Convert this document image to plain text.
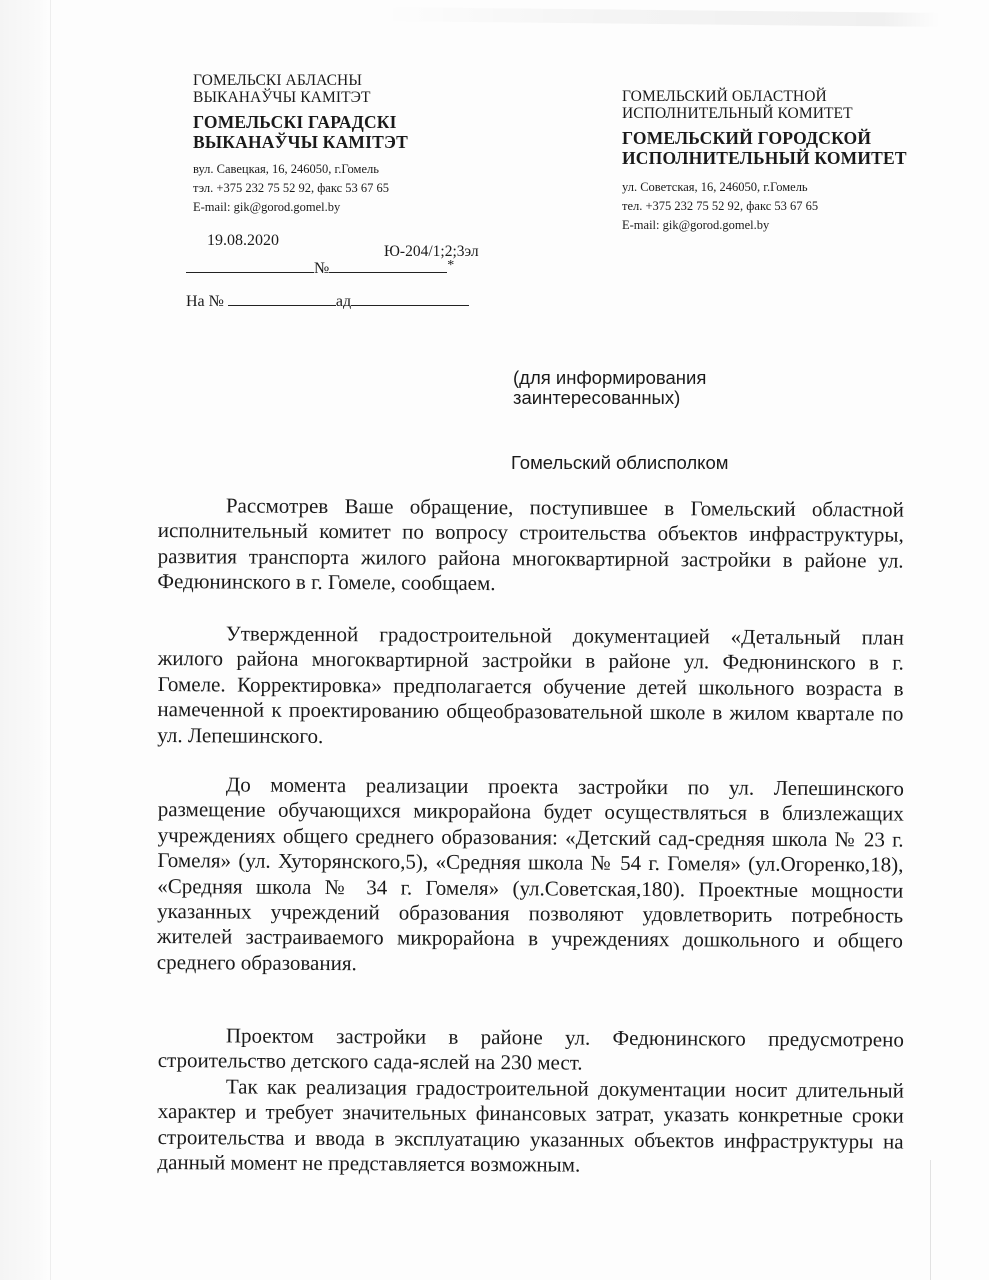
ГОМЕЛЬСКІ АБЛАСНЫ
ВЫКАНАЎЧЫ КАМІТЭТ
ГОМЕЛЬСКІ ГАРАДСКІ
ВЫКАНАЎЧЫ КАМІТЭТ
вул. Савецкая, 16, 246050, г.Гомель
тэл. +375 232 75 52 92, факс 53 67 65
E-mail: gik@gorod.gomel.by
ГОМЕЛЬСКИЙ ОБЛАСТНОЙ
ИСПОЛНИТЕЛЬНЫЙ КОМИТЕТ
ГОМЕЛЬСКИЙ ГОРОДСКОЙ
ИСПОЛНИТЕЛЬНЫЙ КОМИТЕТ
ул. Советская, 16, 246050, г.Гомель
тел. +375 232 75 52 92, факс 53 67 65
E-mail: gik@gorod.gomel.by
19.08.2020
Ю-204/1;2;3эл
№	*
На №	ад
(для информирования
заинтересованных)
Гомельский облисполком

Рассмотрев Ваше обращение, поступившее в Гомельский областной исполнительный комитет по вопросу строительства объектов инфраструктуры, развития транспорта жилого района многоквартирной застройки в районе ул. Федюнинского в г. Гомеле, сообщаем.

Утвержденной градостроительной документацией «Детальный план жилого района многоквартирной застройки в районе ул. Федюнинского в г. Гомеле. Корректировка» предполагается обучение детей школьного возраста в намеченной к проектированию общеобразовательной школе в жилом квартале по ул. Лепешинского.

До момента реализации проекта застройки по ул. Лепешинского размещение обучающихся микрорайона будет осуществляться в близлежащих учреждениях общего среднего образования: «Детский сад-средняя школа № 23 г. Гомеля» (ул. Хуторянского,5), «Средняя школа № 54 г. Гомеля» (ул.Огоренко,18), «Средняя школа № 34 г. Гомеля» (ул.Советская,180). Проектные мощности указанных учреждений образования позволяют удовлетворить потребность жителей застраиваемого микрорайона в учреждениях дошкольного и общего среднего образования.

Проектом застройки в районе ул. Федюнинского предусмотрено строительство детского сада-яслей на 230 мест.

Так как реализация градостроительной документации носит длительный характер и требует значительных финансовых затрат, указать конкретные сроки строительства и ввода в эксплуатацию указанных объектов инфраструктуры на данный момент не представляется возможным.
